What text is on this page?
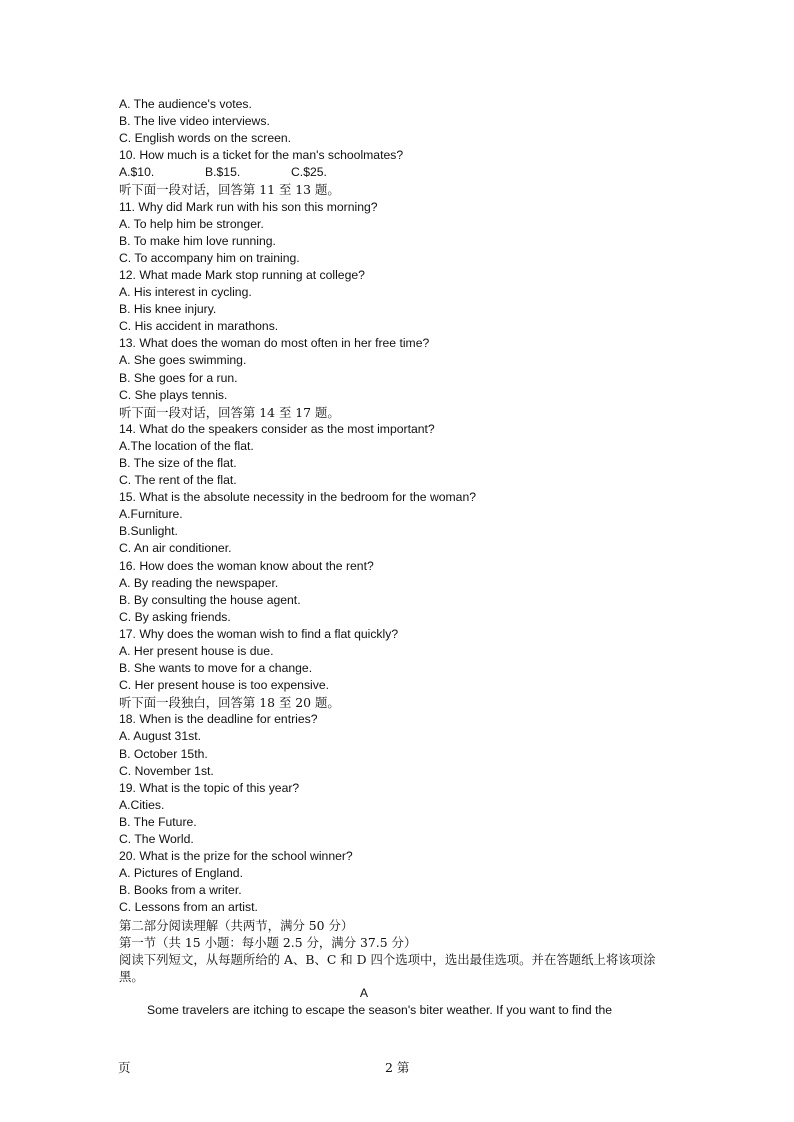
A. The audience's votes.
B. The live video interviews.
C. English words on the screen.
10. How much is a ticket for the man's schoolmates?
A.$10.	B.$15.	C.$25.
听下面一段对话，回答第 11 至 13 题。
11. Why did Mark run with his son this morning?
A. To help him be stronger.
B. To make him love running.
C. To accompany him on training.
12. What made Mark stop running at college?
A. His interest in cycling.
B. His knee injury.
C. His accident in marathons.
13. What does the woman do most often in her free time?
A. She goes swimming.
B. She goes for a run.
C. She plays tennis.
听下面一段对话，回答第 14 至 17 题。
14. What do the speakers consider as the most important?
A.The location of the flat.
B. The size of the flat.
C. The rent of the flat.
15. What is the absolute necessity in the bedroom for the woman?
A.Furniture.
B.Sunlight.
C. An air conditioner.
16. How does the woman know about the rent?
A. By reading the newspaper.
B. By consulting the house agent.
C. By asking friends.
17. Why does the woman wish to find a flat quickly?
A. Her present house is due.
B. She wants to move for a change.
C. Her present house is too expensive.
听下面一段独白，回答第 18 至 20 题。
18. When is the deadline for entries?
A. August 31st.
B. October 15th.
C. November 1st.
19. What is the topic of this year?
A.Cities.
B. The Future.
C. The World.
20. What is the prize for the school winner?
A. Pictures of England.
B. Books from a writer.
C. Lessons from an artist.
第二部分阅读理解（共两节，满分 50 分）
第一节（共 15 小题：每小题 2.5 分，满分 37.5 分）
阅读下列短文，从每题所给的 A、B、C 和 D 四个选项中，选出最佳选项。并在答题纸上将该项涂黑。
A
Some travelers are itching to escape the season's biter weather. If you want to find the
页	2 第
